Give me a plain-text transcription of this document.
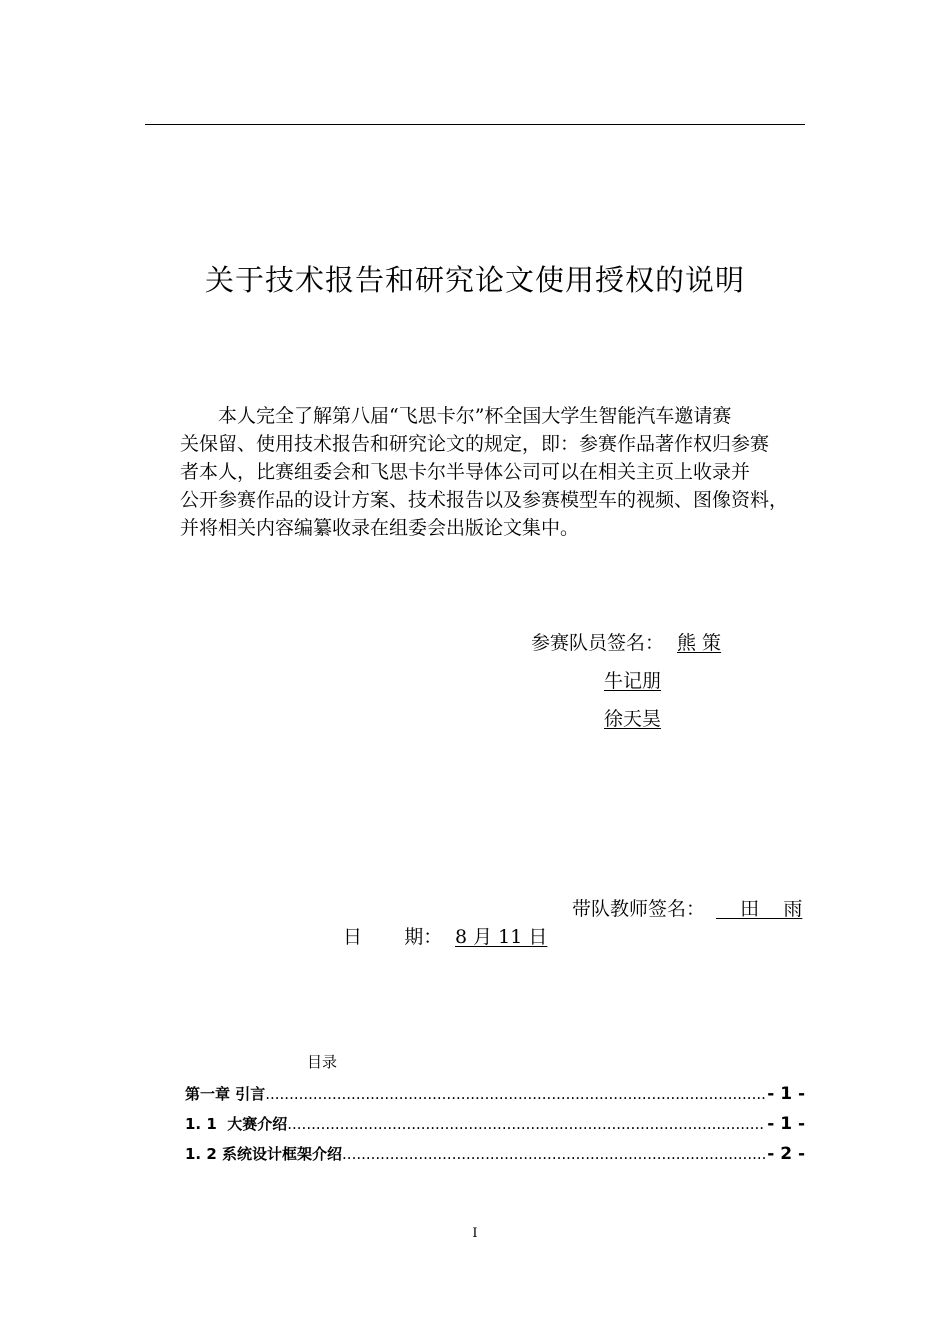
关于技术报告和研究论文使用授权的说明
本人完全了解第八届“飞思卡尔”杯全国大学生智能汽车邀请赛
关保留、使用技术报告和研究论文的规定，即：参赛作品著作权归参赛
者本人，比赛组委会和飞思卡尔半导体公司可以在相关主页上收录并
公开参赛作品的设计方案、技术报告以及参赛模型车的视频、图像资料，
并将相关内容编纂收录在组委会出版论文集中。
参赛队员签名： 熊 策
牛记朋
徐天昊
带队教师签名： 田    雨
日       期： 8 月 11 日
目录
第一章 引言 .....	- 1 -
1. 1  大赛介绍 .....	- 1 -
1. 2 系统设计框架介绍 .....	- 2 -
I
